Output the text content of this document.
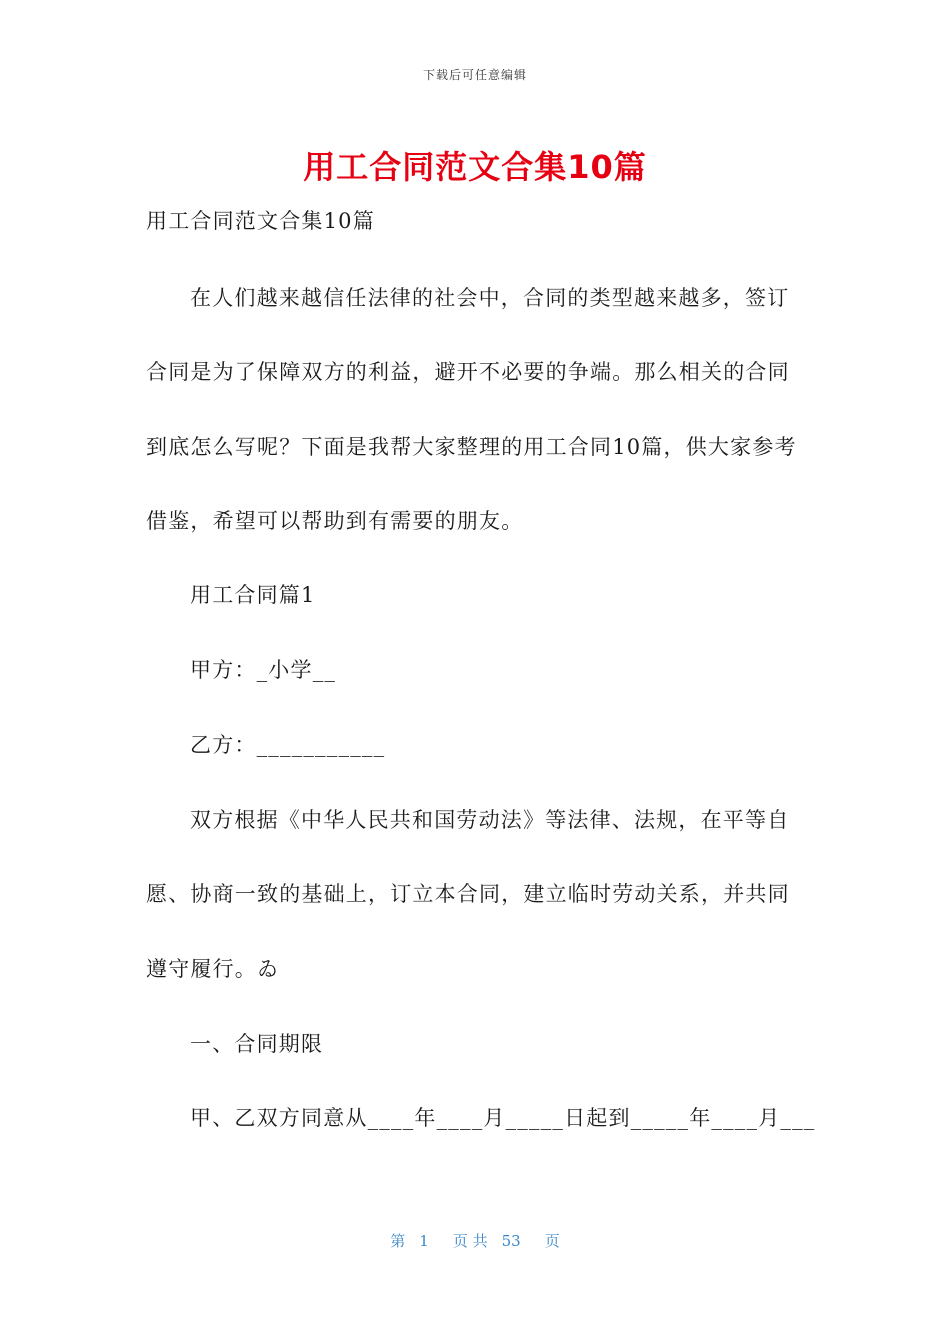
下载后可任意编辑
用工合同范文合集10篇
用工合同范文合集10篇
在人们越来越信任法律的社会中，合同的类型越来越多，签订
合同是为了保障双方的利益，避开不必要的争端。那么相关的合同
到底怎么写呢？下面是我帮大家整理的用工合同10篇，供大家参考
借鉴，希望可以帮助到有需要的朋友。
用工合同篇1
甲方：_小学__
乙方：___________
双方根据《中华人民共和国劳动法》等法律、法规，在平等自
愿、协商一致的基础上，订立本合同，建立临时劳动关系，并共同
遵守履行。ゐ
一、合同期限
甲、乙双方同意从____年____月_____日起到_____年____月___
第 1 页 共 53 页
